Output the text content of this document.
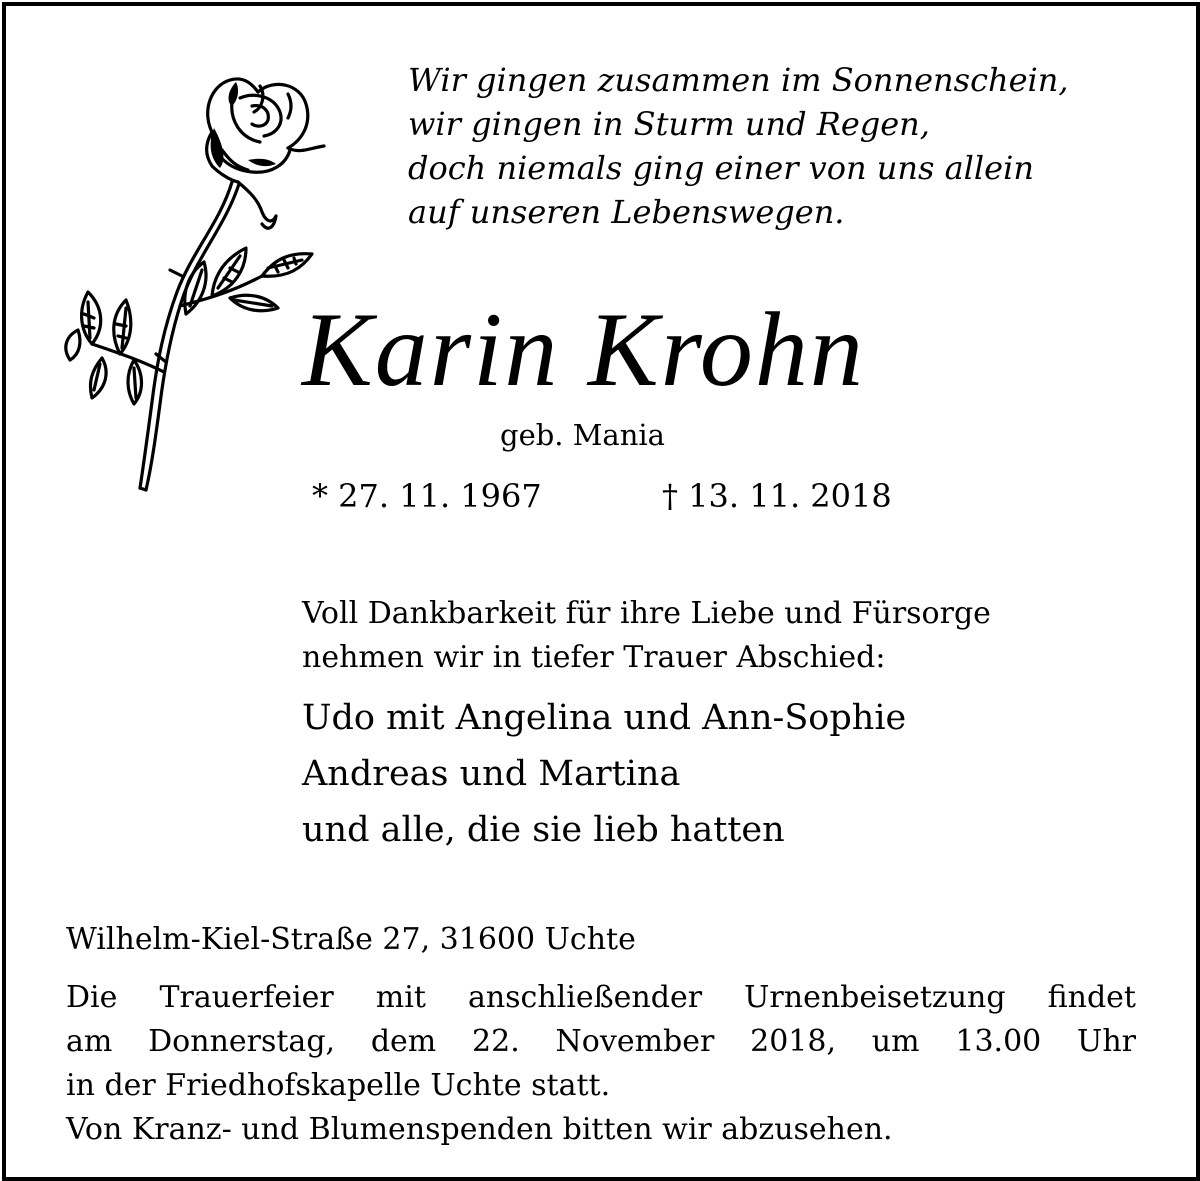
Wir gingen zusammen im Sonnenschein,
wir gingen in Sturm und Regen,
doch niemals ging einer von uns allein
auf unseren Lebenswegen.
Karin Krohn
geb. Mania
* 27. 11. 1967	† 13. 11. 2018
Voll Dankbarkeit für ihre Liebe und Fürsorge
nehmen wir in tiefer Trauer Abschied:
Udo mit Angelina und Ann-Sophie
Andreas und Martina
und alle, die sie lieb hatten
Wilhelm-Kiel-Straße 27, 31600 Uchte
Die Trauerfeier mit anschließender Urnenbeisetzung findet
am Donnerstag, dem 22. November 2018, um 13.00 Uhr
in der Friedhofskapelle Uchte statt.
Von Kranz- und Blumenspenden bitten wir abzusehen.
